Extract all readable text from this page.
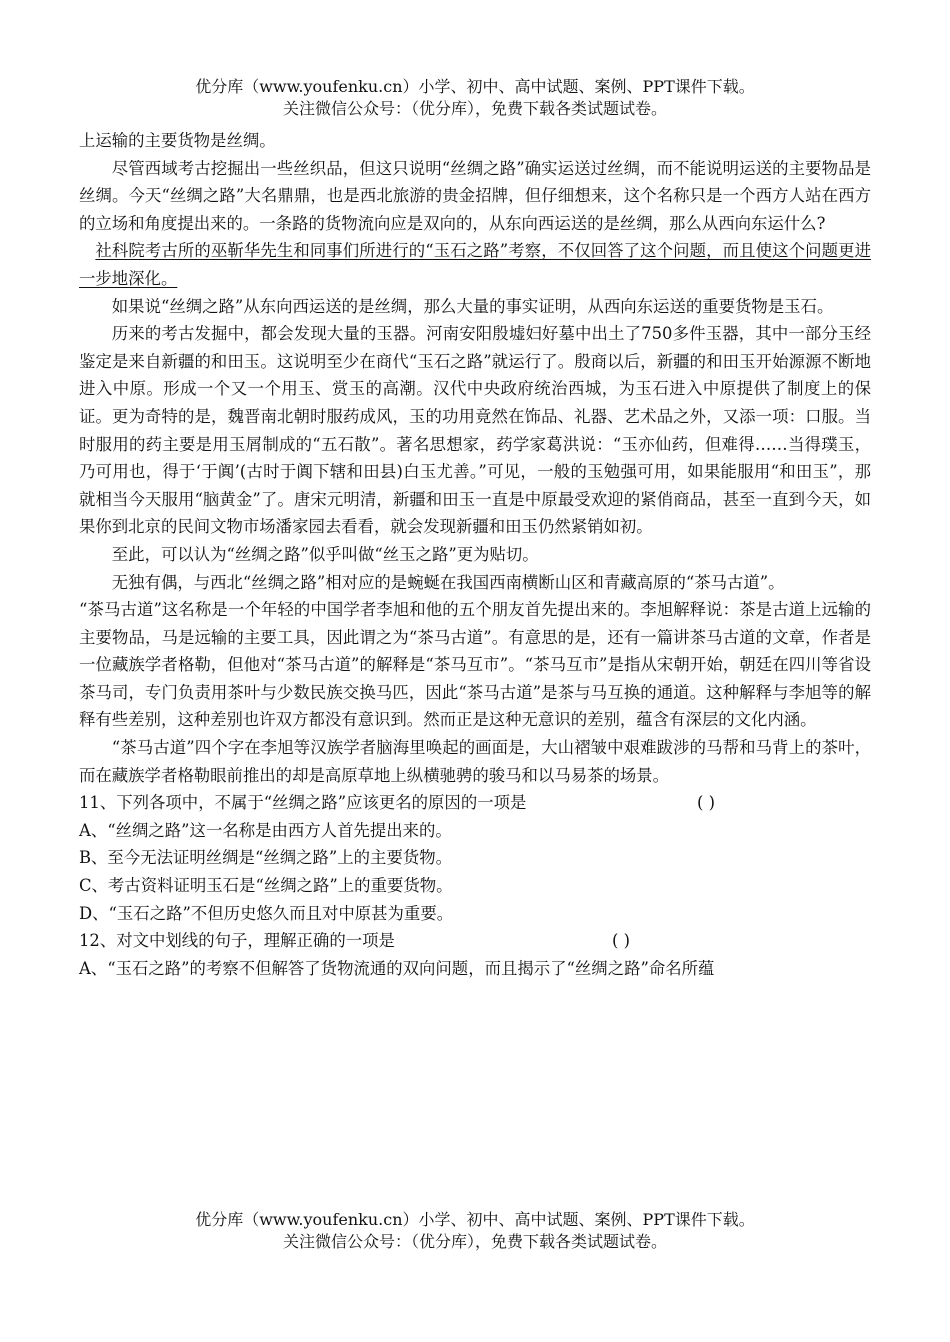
优分库（www.youfenku.cn）小学、初中、高中试题、案例、PPT课件下载。
关注微信公众号：（优分库），免费下载各类试题试卷。

上运输的主要货物是丝绸。

尽管西域考古挖掘出一些丝织品，但这只说明“丝绸之路”确实运送过丝绸，而不能说明运送的主要物品是丝绸。今天“丝绸之路”大名鼎鼎，也是西北旅游的贵金招牌，但仔细想来，这个名称只是一个西方人站在西方的立场和角度提出来的。一条路的货物流向应是双向的，从东向西运送的是丝绸，那么从西向东运什么?

社科院考古所的巫靳华先生和同事们所进行的“玉石之路”考察，不仅回答了这个问题，而且使这个问题更进一步地深化。

如果说“丝绸之路”从东向西运送的是丝绸，那么大量的事实证明，从西向东运送的重要货物是玉石。

历来的考古发掘中，都会发现大量的玉器。河南安阳殷墟妇好墓中出土了750多件玉器，其中一部分玉经鉴定是来自新疆的和田玉。这说明至少在商代“玉石之路”就运行了。殷商以后，新疆的和田玉开始源源不断地进入中原。形成一个又一个用玉、赏玉的高潮。汉代中央政府统治西城，为玉石进入中原提供了制度上的保证。更为奇特的是，魏晋南北朝时服药成风，玉的功用竟然在饰品、礼器、艺术品之外，又添一项：口服。当时服用的药主要是用玉屑制成的“五石散”。著名思想家，药学家葛洪说：“玉亦仙药，但难得……当得璞玉，乃可用也，得于‘于阗’(古时于阗下辖和田县)白玉尤善。”可见，一般的玉勉强可用，如果能服用“和田玉”，那就相当今天服用“脑黄金”了。唐宋元明清，新疆和田玉一直是中原最受欢迎的紧俏商品，甚至一直到今天，如果你到北京的民间文物市场潘家园去看看，就会发现新疆和田玉仍然紧销如初。

至此，可以认为“丝绸之路”似乎叫做“丝玉之路”更为贴切。

无独有偶，与西北“丝绸之路”相对应的是蜿蜒在我国西南横断山区和青藏高原的“茶马古道”。

“茶马古道”这名称是一个年轻的中国学者李旭和他的五个朋友首先提出来的。李旭解释说：茶是古道上远输的主要物品，马是远输的主要工具，因此谓之为“茶马古道”。有意思的是，还有一篇讲茶马古道的文章，作者是一位藏族学者格勒，但他对“茶马古道”的解释是“茶马互市”。“茶马互市”是指从宋朝开始，朝廷在四川等省设茶马司，专门负责用茶叶与少数民族交换马匹，因此“茶马古道”是茶与马互换的通道。这种解释与李旭等的解释有些差别，这种差别也许双方都没有意识到。然而正是这种无意识的差别，蕴含有深层的文化内涵。

“茶马古道”四个字在李旭等汉族学者脑海里唤起的画面是，大山褶皱中艰难跋涉的马帮和马背上的茶叶，而在藏族学者格勒眼前推出的却是高原草地上纵横驰骋的骏马和以马易茶的场景。

11、下列各项中，不属于“丝绸之路”应该更名的原因的一项是	( )

A、“丝绸之路”这一名称是由西方人首先提出来的。

B、至今无法证明丝绸是“丝绸之路”上的主要货物。

C、考古资料证明玉石是“丝绸之路”上的重要货物。

D、“玉石之路”不但历史悠久而且对中原甚为重要。

12、对文中划线的句子，理解正确的一项是	( )

A、“玉石之路”的考察不但解答了货物流通的双向问题，而且揭示了“丝绸之路”命名所蕴

优分库（www.youfenku.cn）小学、初中、高中试题、案例、PPT课件下载。
关注微信公众号：（优分库），免费下载各类试题试卷。
